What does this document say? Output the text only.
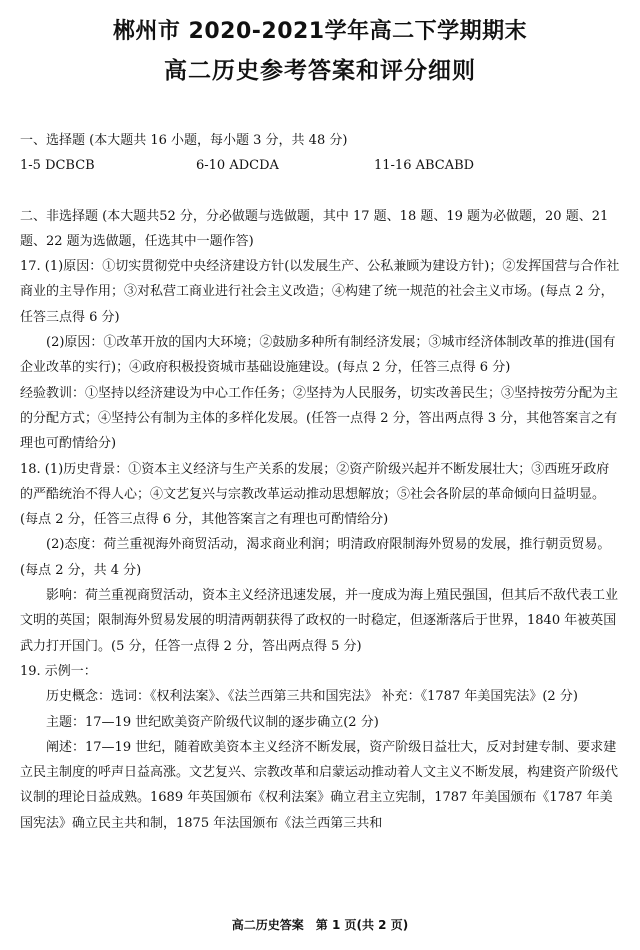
郴州市 2020-2021学年高二下学期期末
高二历史参考答案和评分细则

一、选择题 (本大题共 16 小题，每小题 3 分，共 48 分)

1-5 DCBCB	6-10 ADCDA	11-16 ABCABD

二、非选择题 (本大题共52 分，分必做题与选做题，其中 17 题、18 题、19 题为必做题，20 题、21 题、22 题为选做题，任选其中一题作答)

17. (1)原因：①切实贯彻党中央经济建设方针(以发展生产、公私兼顾为建设方针)；②发挥国营与合作社商业的主导作用；③对私营工商业进行社会主义改造；④构建了统一规范的社会主义市场。(每点 2 分，任答三点得 6 分)

(2)原因：①改革开放的国内大环境；②鼓励多种所有制经济发展；③城市经济体制改革的推进(国有企业改革的实行)；④政府积极投资城市基础设施建设。(每点 2 分，任答三点得 6 分)

经验教训：①坚持以经济建设为中心工作任务；②坚持为人民服务，切实改善民生；③坚持按劳分配为主的分配方式；④坚持公有制为主体的多样化发展。(任答一点得 2 分，答出两点得 3 分，其他答案言之有理也可酌情给分)

18. (1)历史背景：①资本主义经济与生产关系的发展；②资产阶级兴起并不断发展壮大；③西班牙政府的严酷统治不得人心；④文艺复兴与宗教改革运动推动思想解放；⑤社会各阶层的革命倾向日益明显。(每点 2 分，任答三点得 6 分，其他答案言之有理也可酌情给分)

(2)态度：荷兰重视海外商贸活动，渴求商业利润；明清政府限制海外贸易的发展，推行朝贡贸易。(每点 2 分，共 4 分)

影响：荷兰重视商贸活动，资本主义经济迅速发展，并一度成为海上殖民强国，但其后不敌代表工业文明的英国；限制海外贸易发展的明清两朝获得了政权的一时稳定，但逐渐落后于世界，1840 年被英国武力打开国门。(5 分，任答一点得 2 分，答出两点得 5 分)

19. 示例一：

历史概念：选词：《权利法案》、《法兰西第三共和国宪法》 补充：《1787 年美国宪法》(2 分)

主题：17—19 世纪欧美资产阶级代议制的逐步确立(2 分)

阐述：17—19 世纪，随着欧美资本主义经济不断发展，资产阶级日益壮大，反对封建专制、要求建立民主制度的呼声日益高涨。文艺复兴、宗教改革和启蒙运动推动着人文主义不断发展，构建资产阶级代议制的理论日益成熟。1689 年英国颁布《权利法案》确立君主立宪制，1787 年美国颁布《1787 年美国宪法》确立民主共和制，1875 年法国颁布《法兰西第三共和

高二历史答案　第 1 页(共 2 页)
